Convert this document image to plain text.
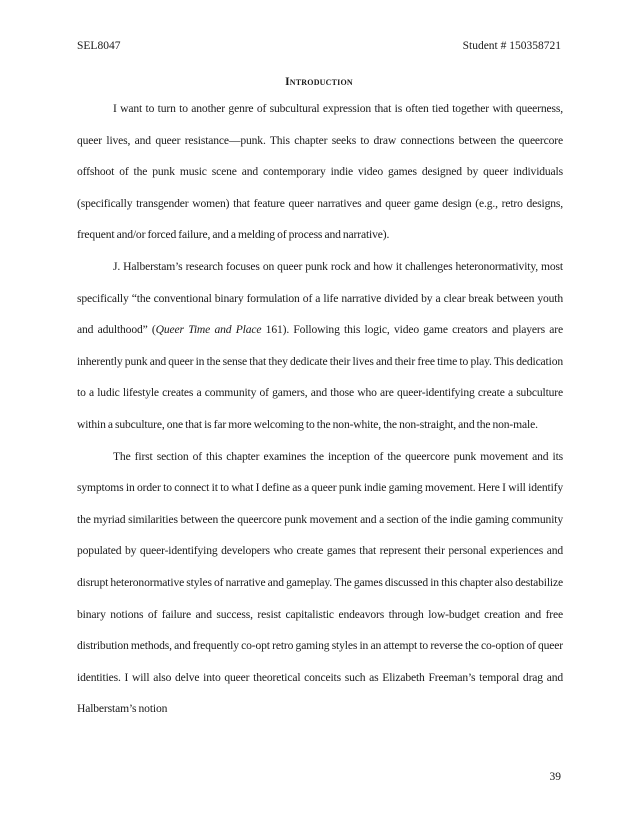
SEL8047	Student # 150358721
Introduction

I want to turn to another genre of subcultural expression that is often tied together with queerness, queer lives, and queer resistance—punk. This chapter seeks to draw connections between the queercore offshoot of the punk music scene and contemporary indie video games designed by queer individuals (specifically transgender women) that feature queer narratives and queer game design (e.g., retro designs, frequent and/or forced failure, and a melding of process and narrative).

J. Halberstam’s research focuses on queer punk rock and how it challenges heteronormativity, most specifically “the conventional binary formulation of a life narrative divided by a clear break between youth and adulthood” (Queer Time and Place 161). Following this logic, video game creators and players are inherently punk and queer in the sense that they dedicate their lives and their free time to play. This dedication to a ludic lifestyle creates a community of gamers, and those who are queer-identifying create a subculture within a subculture, one that is far more welcoming to the non-white, the non-straight, and the non-male.

The first section of this chapter examines the inception of the queercore punk movement and its symptoms in order to connect it to what I define as a queer punk indie gaming movement. Here I will identify the myriad similarities between the queercore punk movement and a section of the indie gaming community populated by queer-identifying developers who create games that represent their personal experiences and disrupt heteronormative styles of narrative and gameplay. The games discussed in this chapter also destabilize binary notions of failure and success, resist capitalistic endeavors through low-budget creation and free distribution methods, and frequently co-opt retro gaming styles in an attempt to reverse the co-option of queer identities. I will also delve into queer theoretical conceits such as Elizabeth Freeman’s temporal drag and Halberstam’s notion

39
